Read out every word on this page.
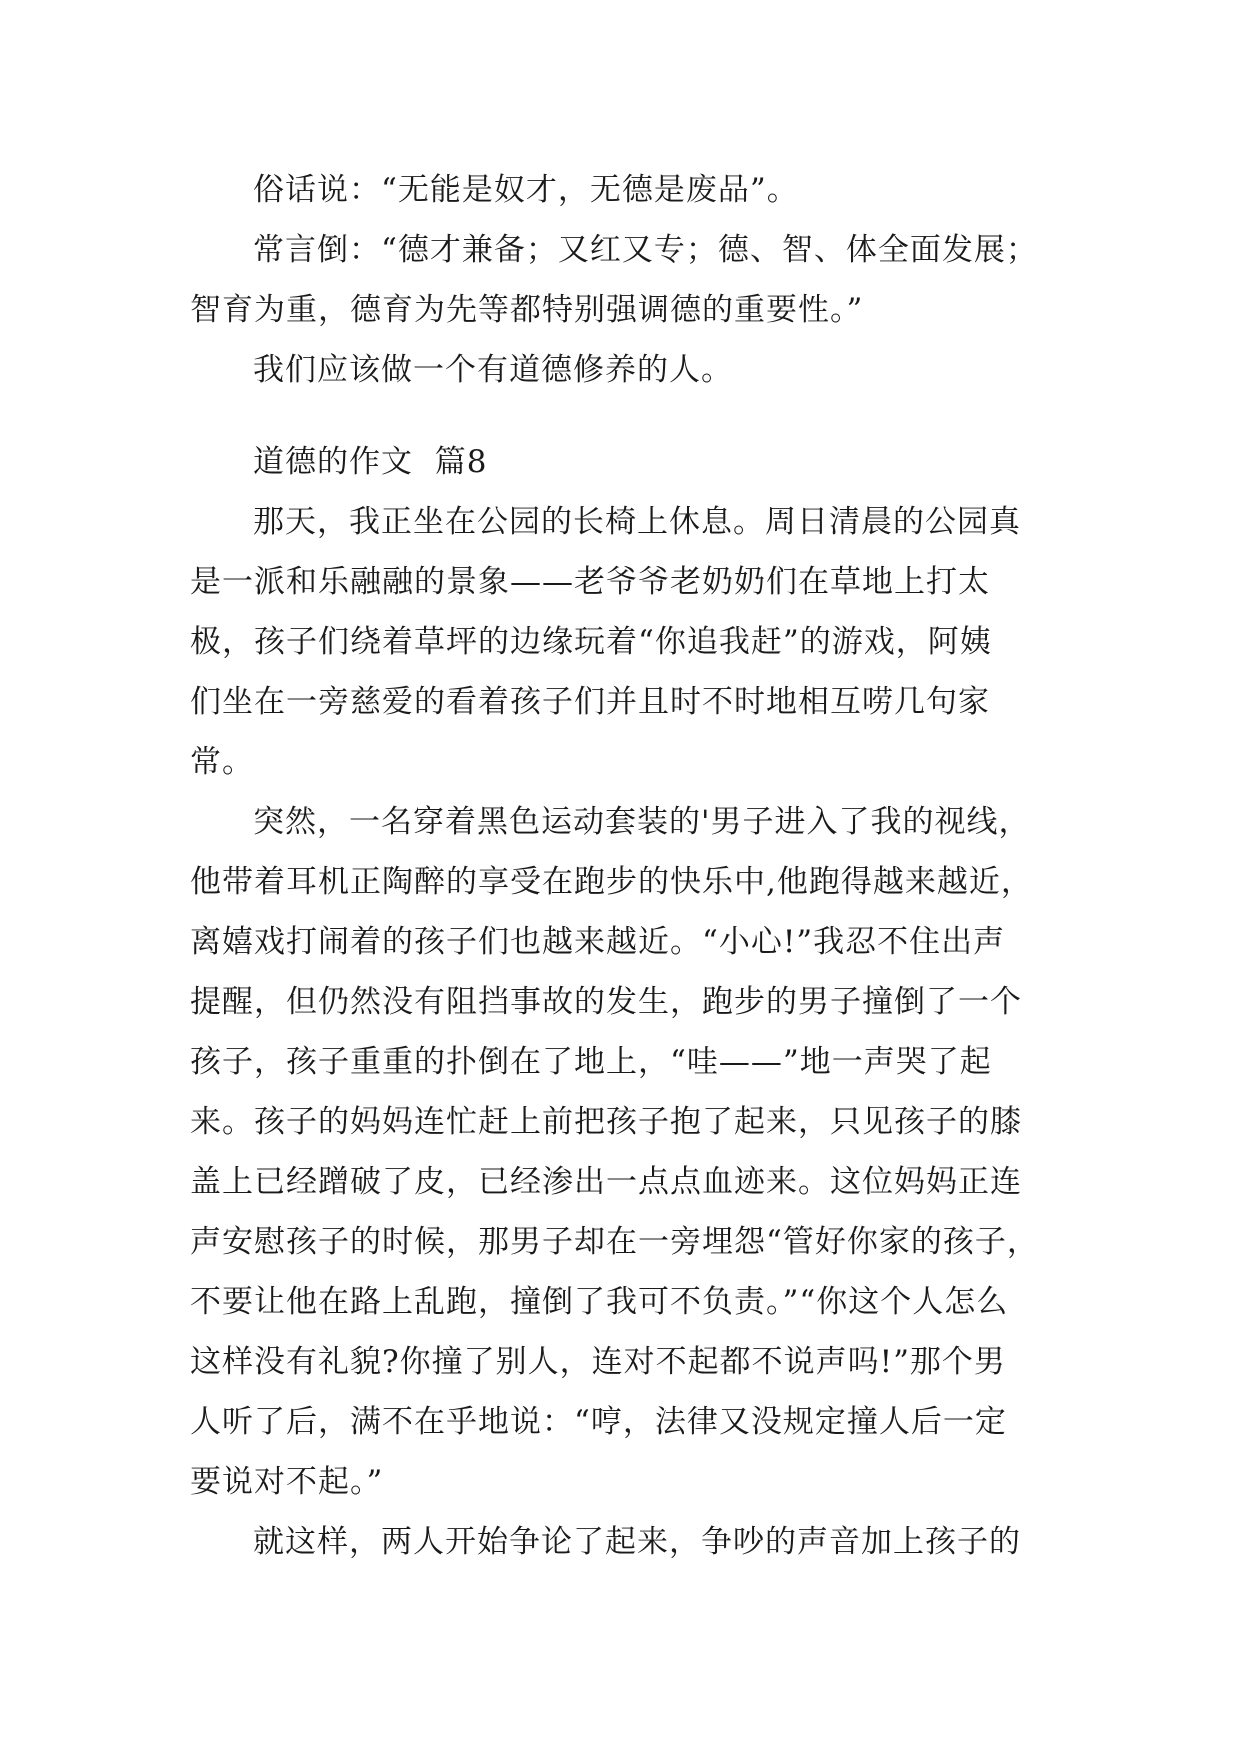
俗话说：“无能是奴才，无德是废品”。
常言倒：“德才兼备；又红又专；德、智、体全面发展；
智育为重，德育为先等都特别强调德的重要性。”
我们应该做一个有道德修养的人。
道德的作文  篇8
那天，我正坐在公园的长椅上休息。周日清晨的公园真
是一派和乐融融的景象——老爷爷老奶奶们在草地上打太
极，孩子们绕着草坪的边缘玩着“你追我赶”的游戏，阿姨
们坐在一旁慈爱的看着孩子们并且时不时地相互唠几句家
常。
突然，一名穿着黑色运动套装的'男子进入了我的视线，
他带着耳机正陶醉的享受在跑步的快乐中,他跑得越来越近，
离嬉戏打闹着的孩子们也越来越近。“小心!”我忍不住出声
提醒，但仍然没有阻挡事故的发生，跑步的男子撞倒了一个
孩子，孩子重重的扑倒在了地上，“哇——”地一声哭了起
来。孩子的妈妈连忙赶上前把孩子抱了起来，只见孩子的膝
盖上已经蹭破了皮，已经渗出一点点血迹来。这位妈妈正连
声安慰孩子的时候，那男子却在一旁埋怨“管好你家的孩子，
不要让他在路上乱跑，撞倒了我可不负责。”“你这个人怎么
这样没有礼貌?你撞了别人，连对不起都不说声吗!”那个男
人听了后，满不在乎地说：“哼，法律又没规定撞人后一定
要说对不起。”
就这样，两人开始争论了起来，争吵的声音加上孩子的
